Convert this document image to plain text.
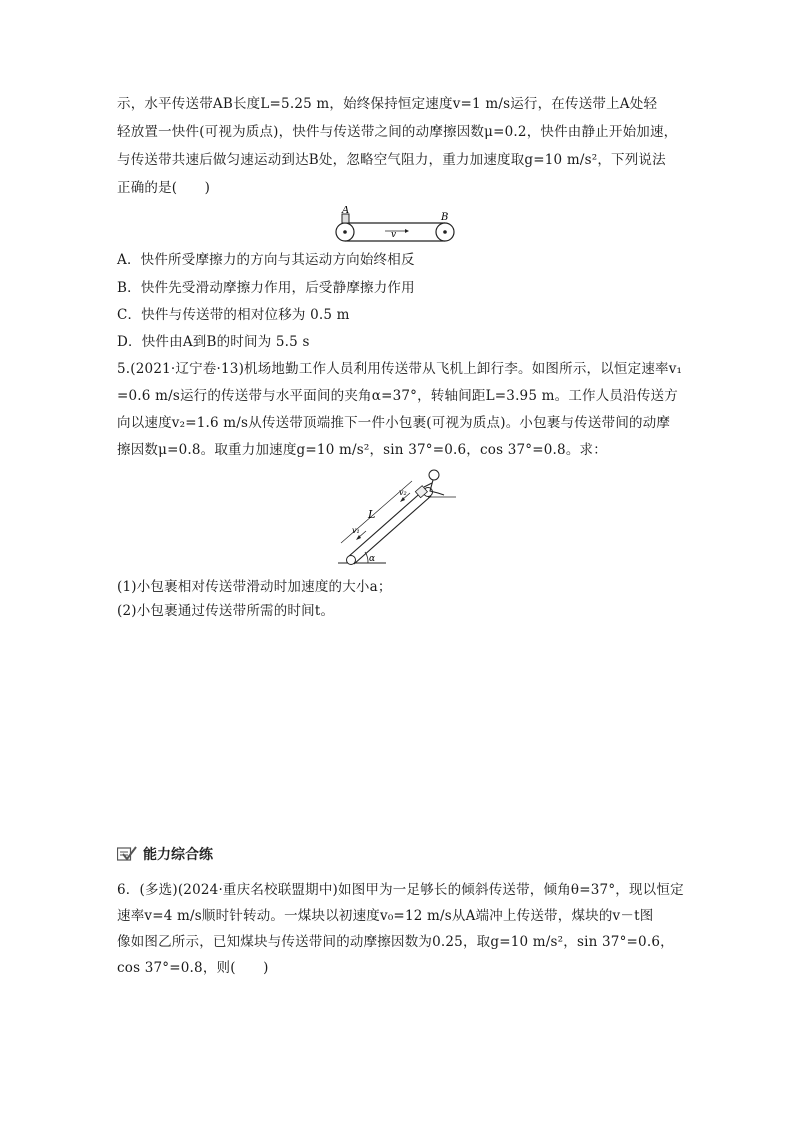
示，水平传送带AB长度L=5.25 m，始终保持恒定速度v=1 m/s运行，在传送带上A处轻
轻放置一快件(可视为质点)，快件与传送带之间的动摩擦因数μ=0.2，快件由静止开始加速，
与传送带共速后做匀速运动到达B处，忽略空气阻力，重力加速度取g=10 m/s²，下列说法
正确的是(　　)
A
B
v
A．快件所受摩擦力的方向与其运动方向始终相反
B．快件先受滑动摩擦力作用，后受静摩擦力作用
C．快件与传送带的相对位移为 0.5 m
D．快件由A到B的时间为 5.5 s
5.(2021·辽宁卷·13)机场地勤工作人员利用传送带从飞机上卸行李。如图所示，以恒定速率v₁
=0.6 m/s运行的传送带与水平面间的夹角α=37°，转轴间距L=3.95 m。工作人员沿传送方
向以速度v₂=1.6 m/s从传送带顶端推下一件小包裹(可视为质点)。小包裹与传送带间的动摩
擦因数μ=0.8。取重力加速度g=10 m/s²，sin 37°=0.6，cos 37°=0.8。求：
α
L
v₁
v₂
(1)小包裹相对传送带滑动时加速度的大小a；
(2)小包裹通过传送带所需的时间t。
能力综合练
6．(多选)(2024·重庆名校联盟期中)如图甲为一足够长的倾斜传送带，倾角θ=37°，现以恒定
速率v=4 m/s顺时针转动。一煤块以初速度v₀=12 m/s从A端冲上传送带，煤块的v－t图
像如图乙所示，已知煤块与传送带间的动摩擦因数为0.25，取g=10 m/s²，sin 37°=0.6，
cos 37°=0.8，则(　　)
